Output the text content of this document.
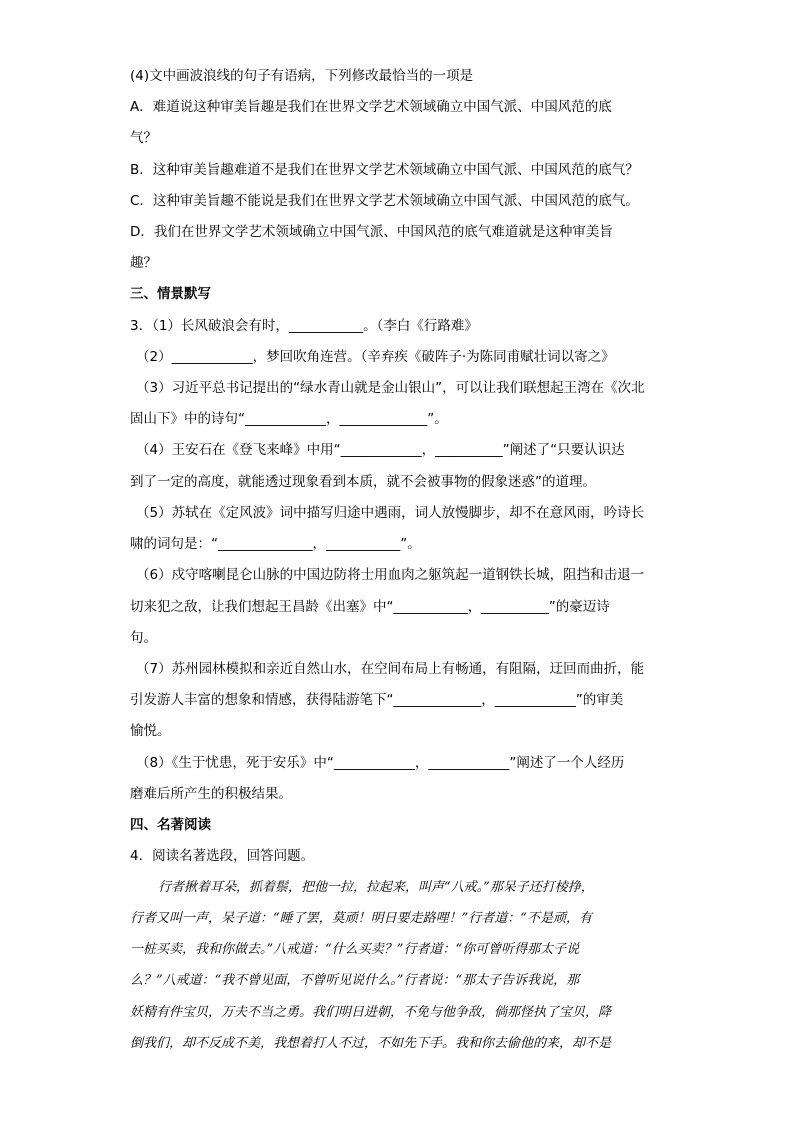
(4)文中画波浪线的句子有语病，下列修改最恰当的一项是
A．难道说这种审美旨趣是我们在世界文学艺术领域确立中国气派、中国风范的底
气？
B．这种审美旨趣难道不是我们在世界文学艺术领域确立中国气派、中国风范的底气？
C．这种审美旨趣不能说是我们在世界文学艺术领域确立中国气派、中国风范的底气。
D．我们在世界文学艺术领域确立中国气派、中国风范的底气难道就是这种审美旨
趣？
三、情景默写
3．（1）长风破浪会有时，___________。（李白《行路难》
（2）____________，梦回吹角连营。（辛弃疾《破阵子·为陈同甫赋壮词以寄之》
（3）习近平总书记提出的“绿水青山就是金山银山”，可以让我们联想起王湾在《次北
固山下》中的诗句“____________，_____________”。
（4）王安石在《登飞来峰》中用“____________，__________”阐述了“只要认识达
到了一定的高度，就能透过现象看到本质，就不会被事物的假象迷惑”的道理。
（5）苏轼在《定风波》词中描写归途中遇雨，词人放慢脚步，却不在意风雨，吟诗长
啸的词句是：“______________，___________”。
（6）戍守喀喇昆仑山脉的中国边防将士用血肉之躯筑起一道钢铁长城，阻挡和击退一
切来犯之敌，让我们想起王昌龄《出塞》中“___________，__________”的豪迈诗
句。
（7）苏州园林模拟和亲近自然山水，在空间布局上有畅通，有阻隔，迂回而曲折，能
引发游人丰富的想象和情感，获得陆游笔下“_____________，____________”的审美
愉悦。
（8）《生于忧患，死于安乐》中“____________，____________”阐述了一个人经历
磨难后所产生的积极结果。
四、名著阅读
4．阅读名著选段，回答问题。
行者揪着耳朵，抓着鬃，把他一拉，拉起来，叫声“八戒。”那呆子还打棱挣，
行者又叫一声，呆子道：“睡了罢，莫顽！明日要走路哩！”行者道：“不是顽，有
一桩买卖，我和你做去。”八戒道：“什么买卖？”行者道：“你可曾听得那太子说
么？”八戒道：“我不曾见面，不曾听见说什么。”行者说：“那太子告诉我说，那
妖精有件宝贝，万夫不当之勇。我们明日进朝，不免与他争敌，倘那怪执了宝贝，降
倒我们，却不反成不美，我想着打人不过，不如先下手。我和你去偷他的来，却不是
